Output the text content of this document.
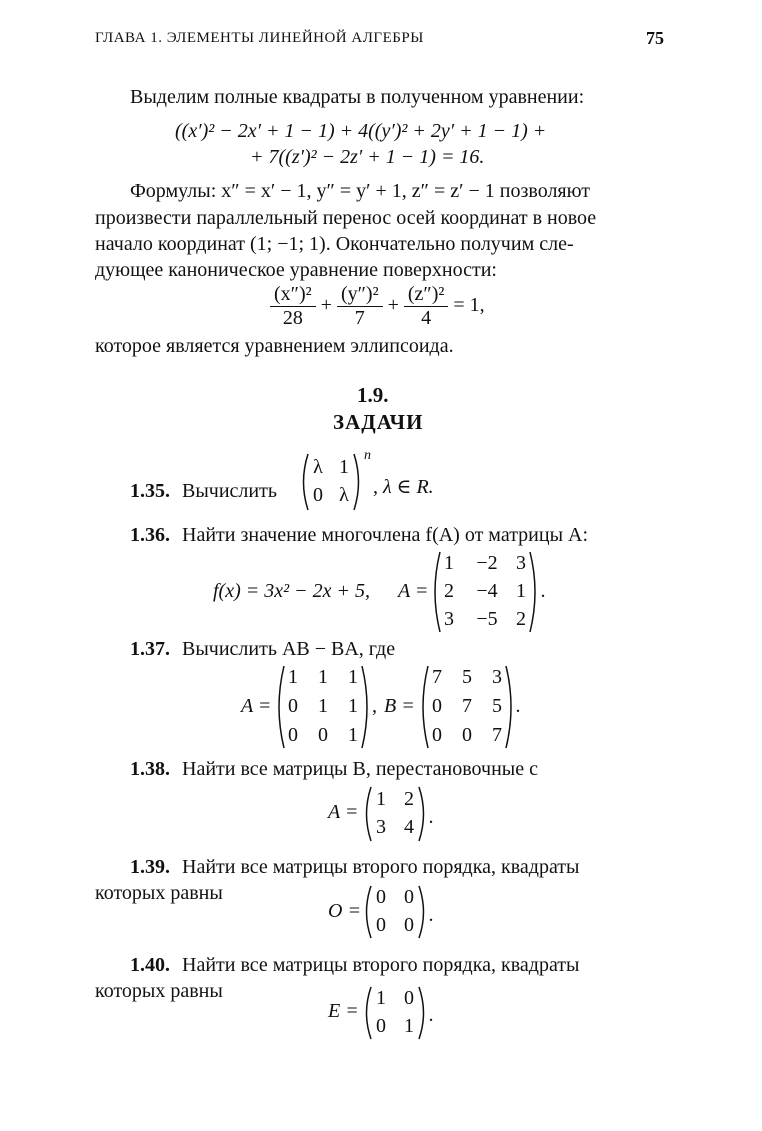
ГЛАВА 1. ЭЛЕМЕНТЫ ЛИНЕЙНОЙ АЛГЕБРЫ	75
Выделим полные квадраты в полученном уравнении:
((x′)² − 2x′ + 1 − 1) + 4((y′)² + 2y′ + 1 − 1) +
+ 7((z′)² − 2z′ + 1 − 1) = 16.
Формулы: x″ = x′ − 1, y″ = y′ + 1, z″ = z′ − 1 позволяют
произвести параллельный перенос осей координат в новое
начало координат (1; −1; 1). Окончательно получим сле-
дующее каноническое уравнение поверхности:
$\frac{\text{(x″)²}}{28} + \frac{\text{(y″)²}}{7} + \frac{\text{(z″)²}}{4} = 1$,
которое является уравнением эллипсоида.
1.9.
ЗАДАЧИ
1.35. Вычислить
λ 1
0 λ
n
, λ ∈ R.
1.36. Найти значение многочлена f(A) от матрицы A:
f(x) = 3x² − 2x + 5, A =
1	−2 3
2	−4 1
3	−5 2
.
1.37. Вычислить AB − BA, где
A =
1	1	1
0	1	1
0	0	1
, B =
7	5	3
0	7	5
0	0	7
.
1.38. Найти все матрицы B, перестановочные с
A =
1 2
3 4 .
1.39. Найти все матрицы второго порядка, квадраты
которых равны
O =
0 0
0 0 .
1.40. Найти все матрицы второго порядка, квадраты
которых равны
E =
1 0
0 1 .
